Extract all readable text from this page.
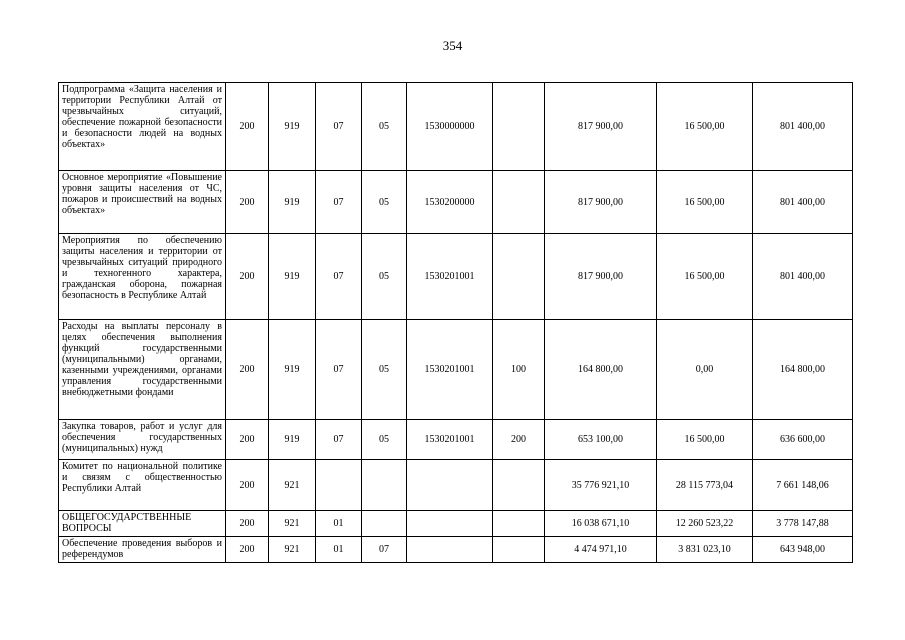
354
Подпрограмма «Защита населения и территории Республики Алтай от чрезвычайных ситуаций, обеспечение пожарной безопасности и безопасности людей на водных объектах»	200	919	07	05	1530000000		817 900,00	16 500,00	801 400,00
Основное мероприятие «Повышение уровня защиты населения от ЧС, пожаров и происшествий на водных объектах»	200	919	07	05	1530200000		817 900,00	16 500,00	801 400,00
Мероприятия по обеспечению защиты населения и территории от чрезвычайных ситуаций природного и техногенного характера, гражданская оборона, пожарная безопасность в Республике Алтай	200	919	07	05	1530201001		817 900,00	16 500,00	801 400,00
Расходы на выплаты персоналу в целях обеспечения выполнения функций государственными (муниципальными) органами, казенными учреждениями, органами управления государственными внебюджетными фондами	200	919	07	05	1530201001	100	164 800,00	0,00	164 800,00
Закупка товаров, работ и услуг для обеспечения государственных (муниципальных) нужд	200	919	07	05	1530201001	200	653 100,00	16 500,00	636 600,00
Комитет по национальной политике и связям с общественностью Республики Алтай	200	921					35 776 921,10	28 115 773,04	7 661 148,06
ОБЩЕГОСУДАРСТВЕННЫЕ ВОПРОСЫ	200	921	01				16 038 671,10	12 260 523,22	3 778 147,88
Обеспечение проведения выборов и референдумов	200	921	01	07			4 474 971,10	3 831 023,10	643 948,00
